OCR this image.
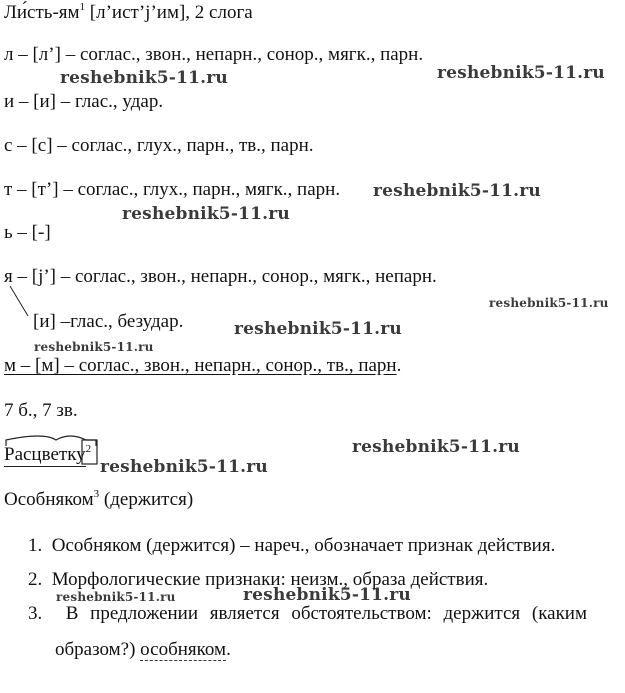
$Ли́сть-ям^1$ [л’ист’j’им], 2 слога
л – [л’] – соглас., звон., непарн., сонор., мягк., парн.
и – [и] – глас., удар.
с – [с] – соглас., глух., парн., тв., парн.
т – [т’] – соглас., глух., парн., мягк., парн.
ь – [-]
я – [j’] – соглас., звон., непарн., сонор., мягк., непарн.
[и] –глас., безудар.
м – [м] – соглас., звон., непарн., сонор., тв., парн.
7 б., 7 зв.
Расцветку
$^2$
Особняком$^3$ (держится)
1. Особняком (держится) – нареч., обозначает признак действия.
2. Морфологические признаки: неизм., образа действия.
3. В предложении является обстоятельством: держится (каким
образом?) особняком.
reshebnik5-11.ru	reshebnik5-11.ru
reshebnik5-11.ru
reshebnik5-11.ru
reshebnik5-11.ru
reshebnik5-11.ru
reshebnik5-11.ru
reshebnik5-11.ru
reshebnik5-11.ru
reshebnik5-11.ru	reshebnik5-11.ru
